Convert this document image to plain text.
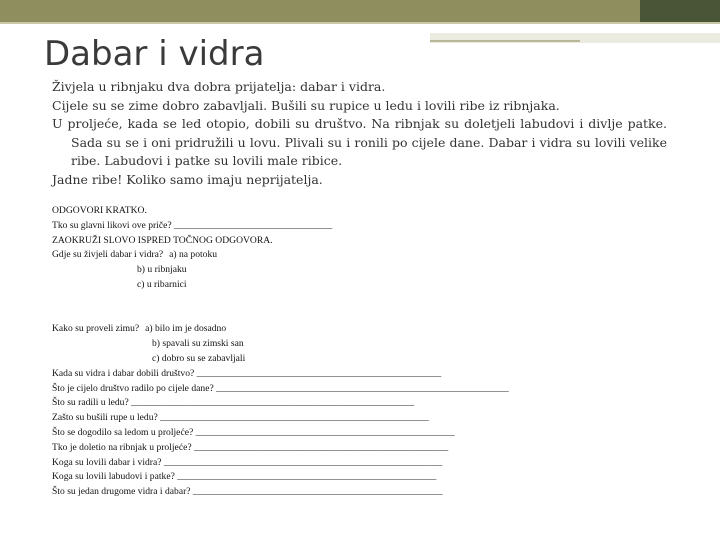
Dabar i vidra

Živjela u ribnjaku dva dobra prijatelja: dabar i vidra.

Cijele su se zime dobro zabavljali. Bušili su rupice u ledu i lovili ribe iz ribnjaka.

U proljeće, kada se led otopio, dobili su društvo. Na ribnjak su doletjeli labudovi i divlje patke. Sada su se i oni pridružili u lovu. Plivali su i ronili po cijele dane. Dabar i vidra su lovili velike ribe. Labudovi i patke su lovili male ribice.

Jadne ribe! Koliko samo imaju neprijatelja.

ODGOVORI KRATKO.
Tko su glavni likovi ove priče? _________________________________
ZAOKRUŽI SLOVO ISPRED TOČNOG ODGOVORA.
Gdje su živjeli dabar i vidra? a) na potoku
b) u ribnjaku
c) u ribarnici
Kako su proveli zimu? a) bilo im je dosadno
b) spavali su zimski san
c) dobro su se zabavljali
Kada su vidra i dabar dobili društvo? ___________________________________________________
Što je cijelo društvo radilo po cijele dane? _____________________________________________________________
Što su radili u ledu? ___________________________________________________________
Zašto su bušili rupe u ledu? ________________________________________________________
Što se dogodilo sa ledom u proljeće? ______________________________________________________
Tko je doletio na ribnjak u proljeće? _____________________________________________________
Koga su lovili dabar i vidra? __________________________________________________________
Koga su lovili labudovi i patke? ______________________________________________________
Što su jedan drugome vidra i dabar? ____________________________________________________
